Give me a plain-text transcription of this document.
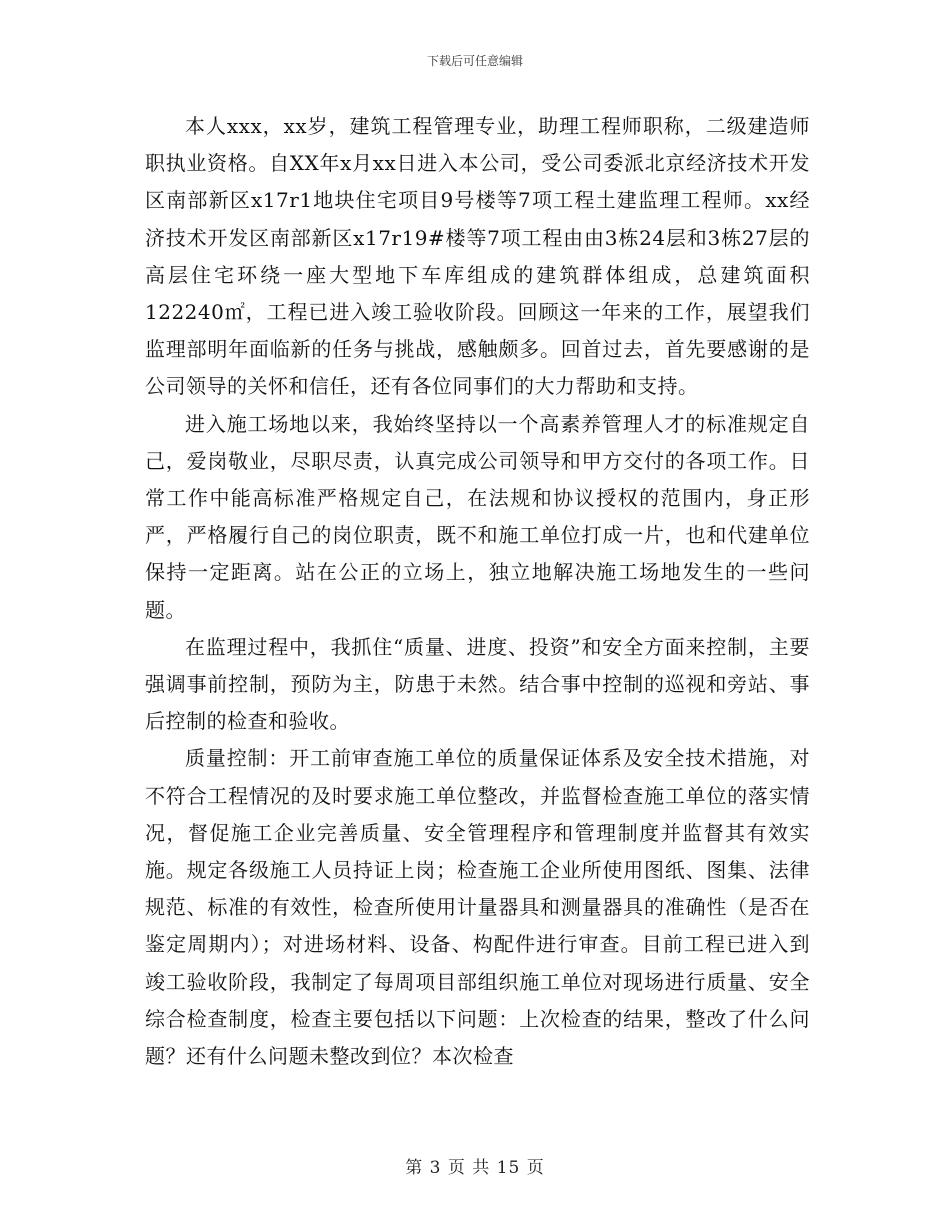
下载后可任意编辑

本人xxx，xx岁，建筑工程管理专业，助理工程师职称，二级建造师职执业资格。自XX年x月xx日进入本公司，受公司委派北京经济技术开发区南部新区x17r1地块住宅项目9号楼等7项工程土建监理工程师。xx经济技术开发区南部新区x17r19#楼等7项工程由由3栋24层和3栋27层的高层住宅环绕一座大型地下车库组成的建筑群体组成，总建筑面积122240㎡，工程已进入竣工验收阶段。回顾这一年来的工作，展望我们监理部明年面临新的任务与挑战，感触颇多。回首过去，首先要感谢的是公司领导的关怀和信任，还有各位同事们的大力帮助和支持。

进入施工场地以来，我始终坚持以一个高素养管理人才的标准规定自己，爱岗敬业，尽职尽责，认真完成公司领导和甲方交付的各项工作。日常工作中能高标准严格规定自己，在法规和协议授权的范围内，身正形严，严格履行自己的岗位职责，既不和施工单位打成一片，也和代建单位保持一定距离。站在公正的立场上，独立地解决施工场地发生的一些问题。

在监理过程中，我抓住“质量、进度、投资”和安全方面来控制，主要强调事前控制，预防为主，防患于未然。结合事中控制的巡视和旁站、事后控制的检查和验收。

质量控制：开工前审查施工单位的质量保证体系及安全技术措施，对不符合工程情况的及时要求施工单位整改，并监督检查施工单位的落实情况，督促施工企业完善质量、安全管理程序和管理制度并监督其有效实施。规定各级施工人员持证上岗；检查施工企业所使用图纸、图集、法律规范、标准的有效性，检查所使用计量器具和测量器具的准确性（是否在鉴定周期内）；对进场材料、设备、构配件进行审查。目前工程已进入到竣工验收阶段，我制定了每周项目部组织施工单位对现场进行质量、安全综合检查制度，检查主要包括以下问题：上次检查的结果，整改了什么问题？还有什么问题未整改到位？本次检查

第 3 页 共 15 页
